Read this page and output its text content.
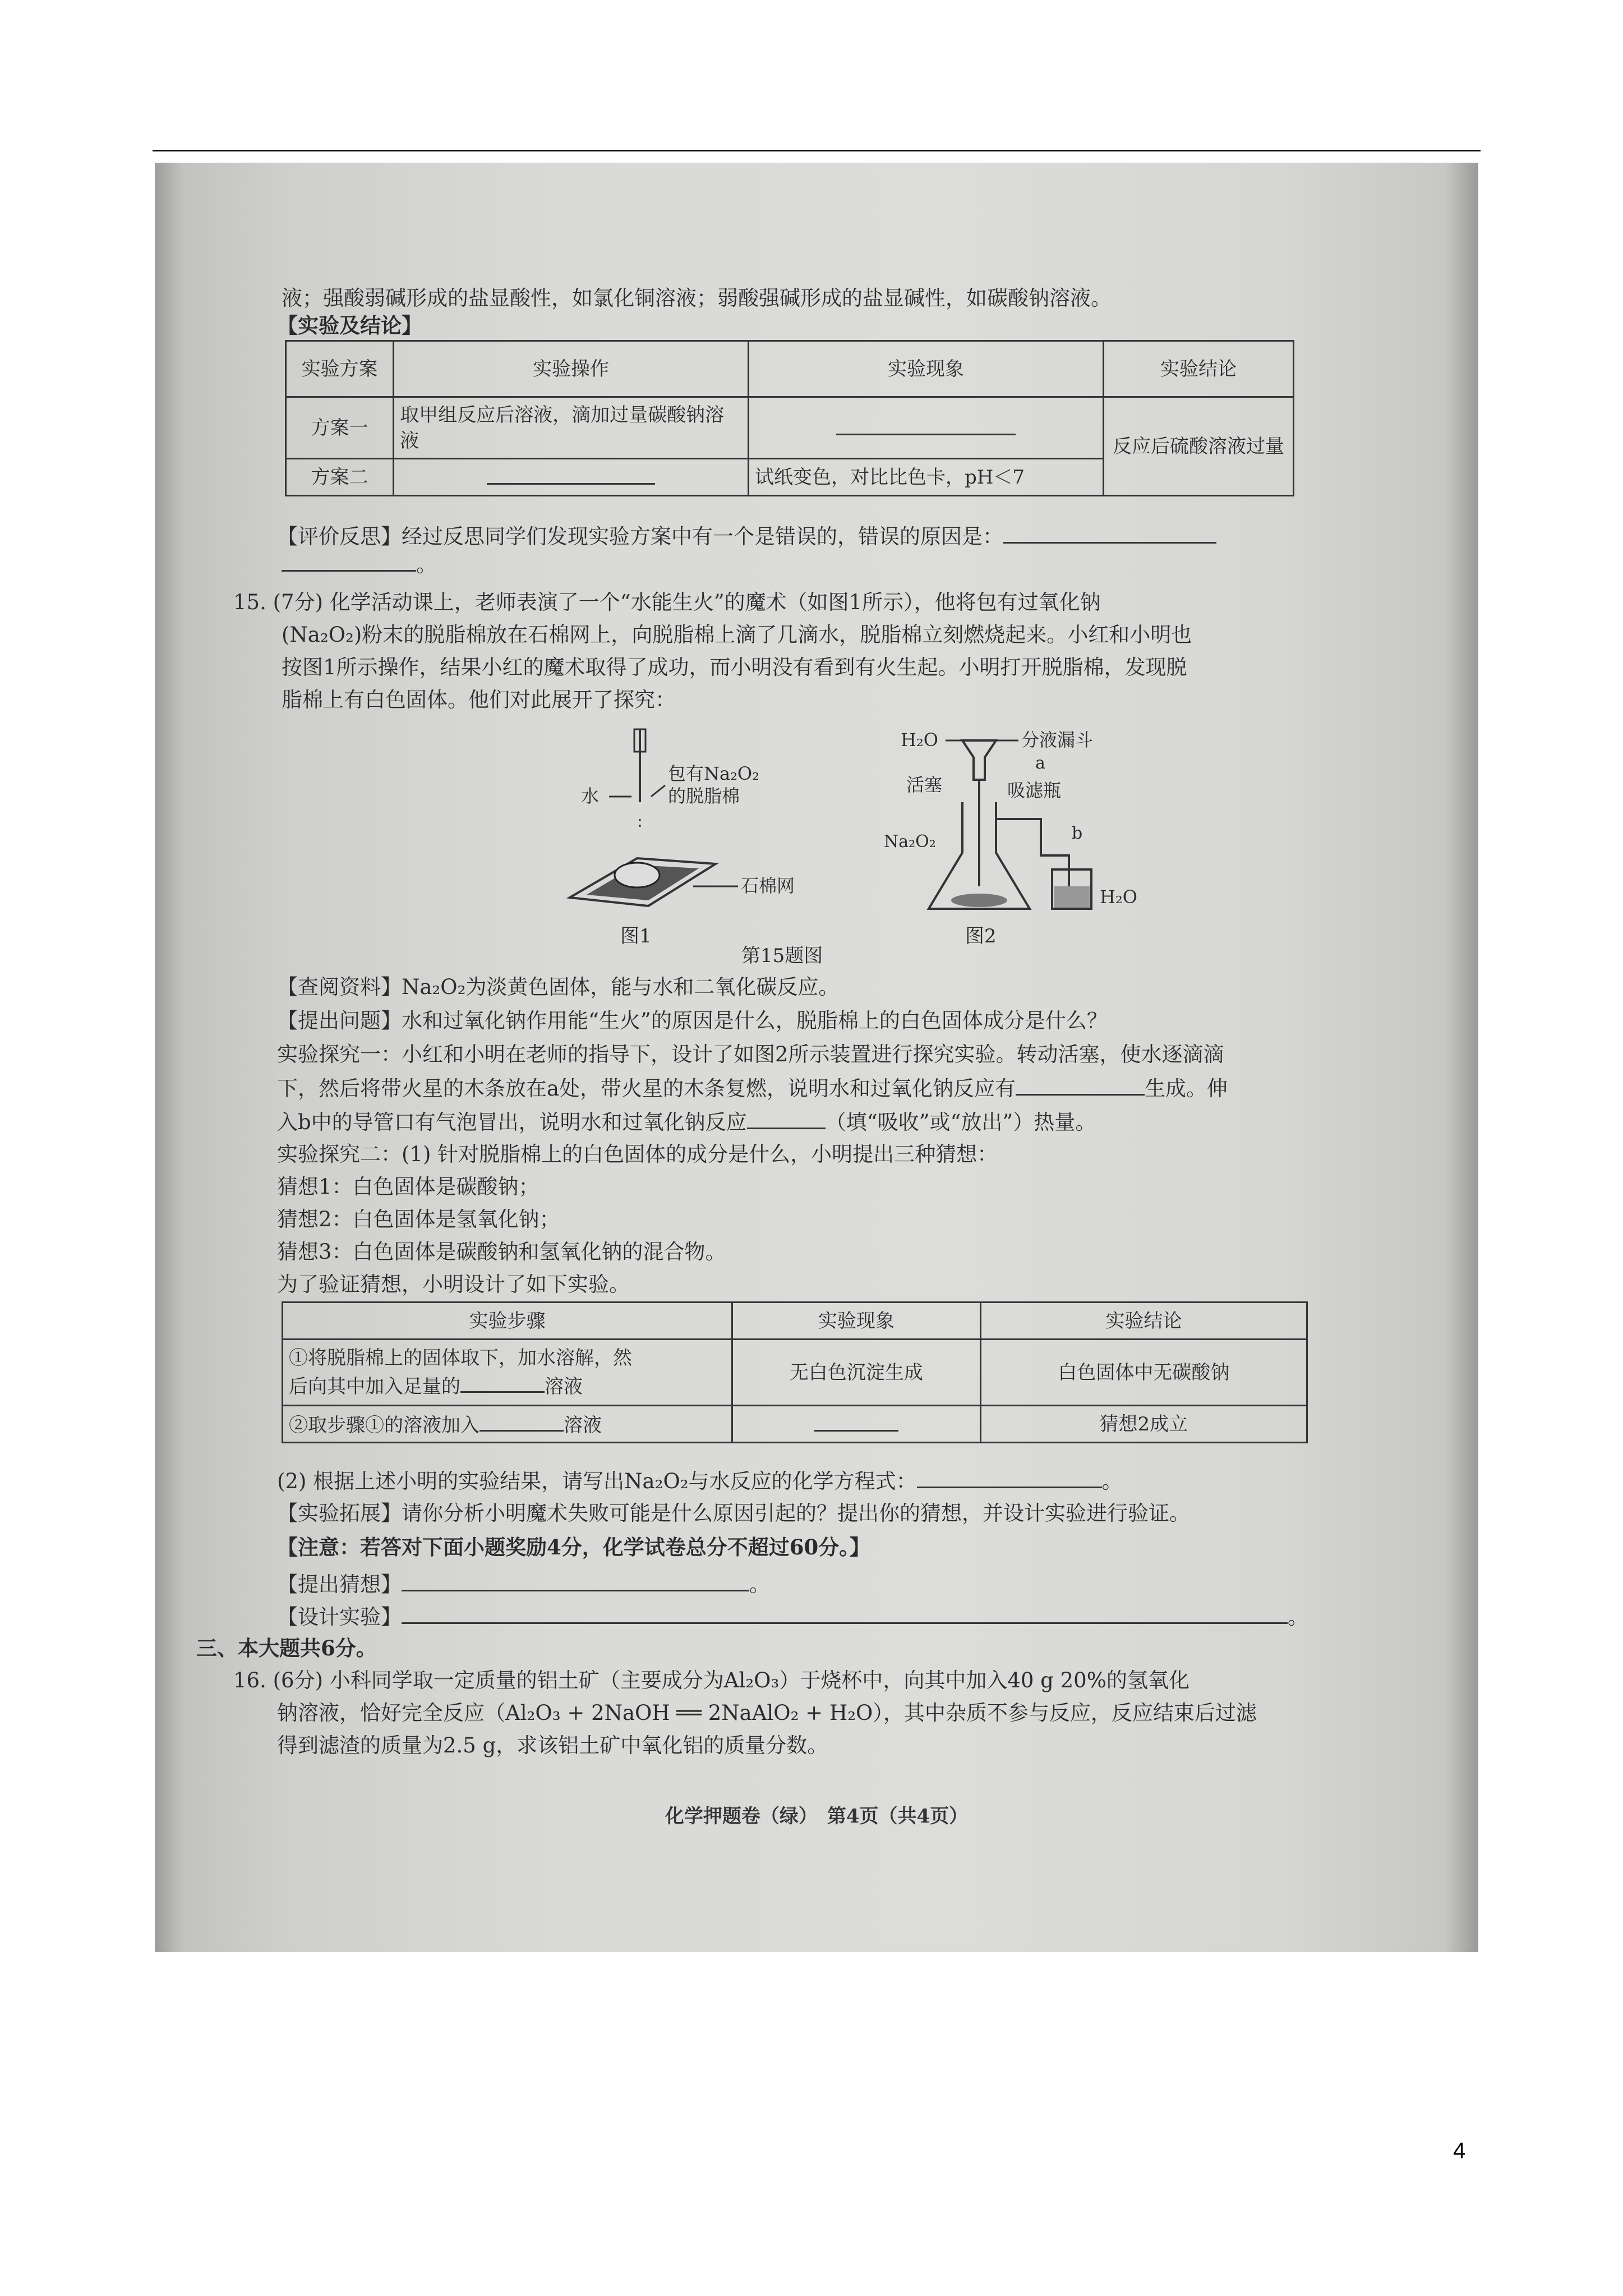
液；强酸弱碱形成的盐显酸性，如氯化铜溶液；弱酸强碱形成的盐显碱性，如碳酸钠溶液。
【实验及结论】
实验方案	实验操作	实验现象	实验结论
方案一	取甲组反应后溶液，滴加过量碳酸钠溶液		反应后硫酸溶液过量
方案二		试纸变色，对比比色卡，pH＜7	
【评价反思】经过反思同学们发现实验方案中有一个是错误的，错误的原因是：
。
15. (7分) 化学活动课上，老师表演了一个“水能生火”的魔术（如图1所示），他将包有过氧化钠
(Na₂O₂)粉末的脱脂棉放在石棉网上，向脱脂棉上滴了几滴水，脱脂棉立刻燃烧起来。小红和小明也
按图1所示操作，结果小红的魔术取得了成功，而小明没有看到有火生起。小明打开脱脂棉，发现脱
脂棉上有白色固体。他们对此展开了探究：
水
包有Na₂O₂
的脱脂棉
石棉网
图1
H₂O	分液漏斗
a
活塞	吸滤瓶
Na₂O₂	b
H₂O
图2
第15题图
【查阅资料】Na₂O₂为淡黄色固体，能与水和二氧化碳反应。
【提出问题】水和过氧化钠作用能“生火”的原因是什么，脱脂棉上的白色固体成分是什么？
实验探究一：小红和小明在老师的指导下，设计了如图2所示装置进行探究实验。转动活塞，使水逐滴滴
下，然后将带火星的木条放在a处，带火星的木条复燃，说明水和过氧化钠反应有	生成。伸
入b中的导管口有气泡冒出，说明水和过氧化钠反应	（填“吸收”或“放出”）热量。
实验探究二：(1) 针对脱脂棉上的白色固体的成分是什么，小明提出三种猜想：
猜想1：白色固体是碳酸钠；
猜想2：白色固体是氢氧化钠；
猜想3：白色固体是碳酸钠和氢氧化钠的混合物。
为了验证猜想，小明设计了如下实验。
实验步骤	实验现象	实验结论

①将脱脂棉上的固体取下，加水溶解，然
后向其中加入足量的 溶液	无白色沉淀生成	白色固体中无碳酸钠
②取步骤①的溶液加入 溶液		猜想2成立
(2) 根据上述小明的实验结果，请写出Na₂O₂与水反应的化学方程式：	。
【实验拓展】请你分析小明魔术失败可能是什么原因引起的？提出你的猜想，并设计实验进行验证。
【注意：若答对下面小题奖励4分，化学试卷总分不超过60分。】
【提出猜想】	。
【设计实验】	。
三、本大题共6分。
16. (6分) 小科同学取一定质量的铝土矿（主要成分为Al₂O₃）于烧杯中，向其中加入40 g 20%的氢氧化
钠溶液，恰好完全反应（Al₂O₃ + 2NaOH ══ 2NaAlO₂ + H₂O），其中杂质不参与反应，反应结束后过滤
得到滤渣的质量为2.5 g，求该铝土矿中氧化铝的质量分数。
化学押题卷（绿）　第4页（共4页）
4
